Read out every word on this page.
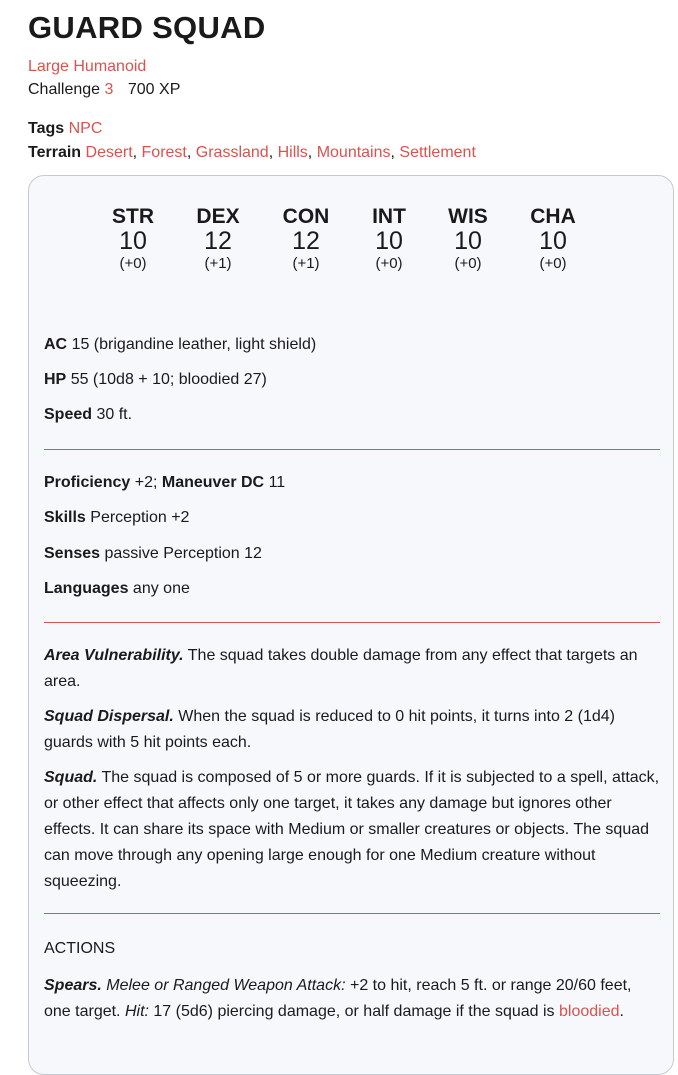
GUARD SQUAD
Large Humanoid
Challenge 3 700 XP
Tags NPC
Terrain Desert, Forest, Grassland, Hills, Mountains, Settlement
STR
10
(+0)
DEX
12
(+1)
CON
12
(+1)
INT
10
(+0)
WIS
10
(+0)
CHA
10
(+0)
AC 15 (brigandine leather, light shield)
HP 55 (10d8 + 10; bloodied 27)
Speed 30 ft.
Proficiency +2; Maneuver DC 11
Skills Perception +2
Senses passive Perception 12
Languages any one
Area Vulnerability. The squad takes double damage from any effect that targets an area.
Squad Dispersal. When the squad is reduced to 0 hit points, it turns into 2 (1d4) guards with 5 hit points each.
Squad. The squad is composed of 5 or more guards. If it is subjected to a spell, attack, or other effect that affects only one target, it takes any damage but ignores other effects. It can share its space with Medium or smaller creatures or objects. The squad can move through any opening large enough for one Medium creature without squeezing.
ACTIONS
Spears. Melee or Ranged Weapon Attack: +2 to hit, reach 5 ft. or range 20/60 feet, one target. Hit: 17 (5d6) piercing damage, or half damage if the squad is bloodied.
